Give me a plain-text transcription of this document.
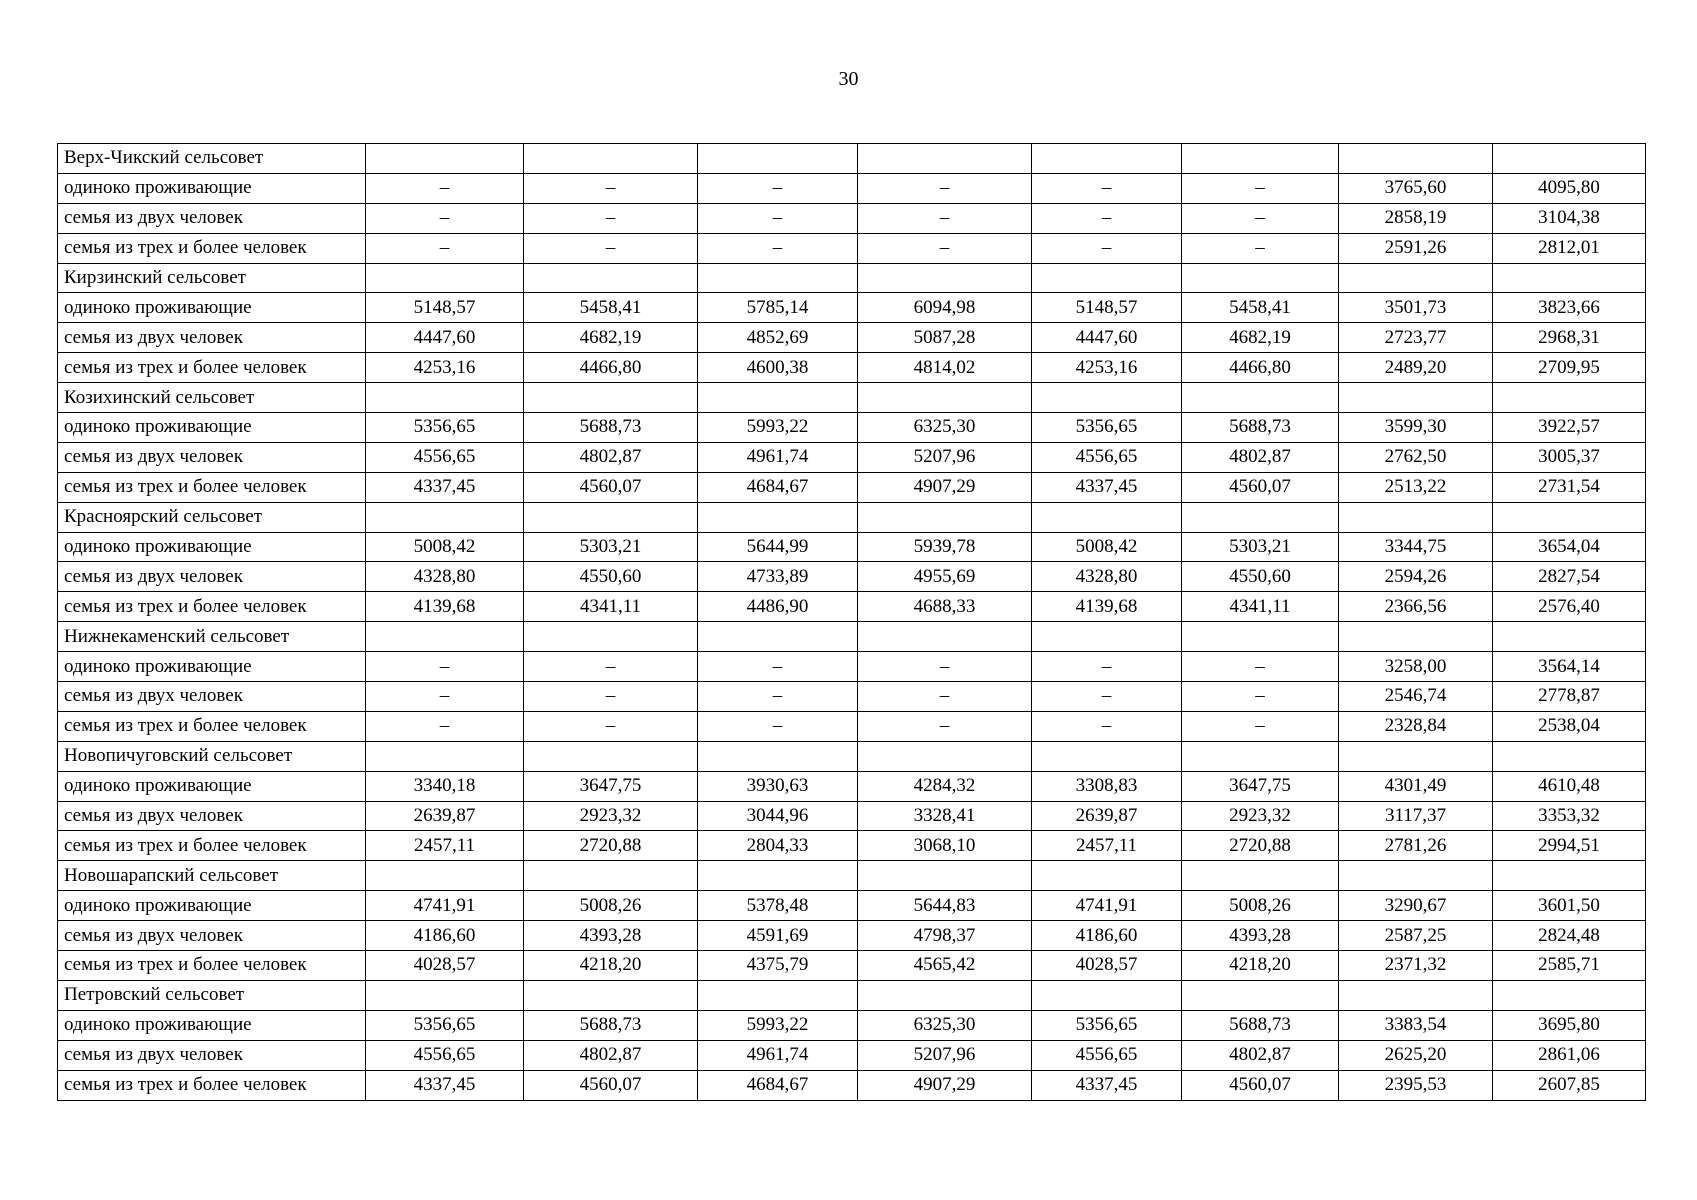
30
Верх-Чикский сельсовет								
одиноко проживающие	–	–	–	–	–	–	3765,60	4095,80
семья из двух человек	–	–	–	–	–	–	2858,19	3104,38
семья из трех и более человек	–	–	–	–	–	–	2591,26	2812,01
Кирзинский сельсовет								
одиноко проживающие	5148,57	5458,41	5785,14	6094,98	5148,57	5458,41	3501,73	3823,66
семья из двух человек	4447,60	4682,19	4852,69	5087,28	4447,60	4682,19	2723,77	2968,31
семья из трех и более человек	4253,16	4466,80	4600,38	4814,02	4253,16	4466,80	2489,20	2709,95
Козихинский сельсовет								
одиноко проживающие	5356,65	5688,73	5993,22	6325,30	5356,65	5688,73	3599,30	3922,57
семья из двух человек	4556,65	4802,87	4961,74	5207,96	4556,65	4802,87	2762,50	3005,37
семья из трех и более человек	4337,45	4560,07	4684,67	4907,29	4337,45	4560,07	2513,22	2731,54
Красноярский сельсовет								
одиноко проживающие	5008,42	5303,21	5644,99	5939,78	5008,42	5303,21	3344,75	3654,04
семья из двух человек	4328,80	4550,60	4733,89	4955,69	4328,80	4550,60	2594,26	2827,54
семья из трех и более человек	4139,68	4341,11	4486,90	4688,33	4139,68	4341,11	2366,56	2576,40
Нижнекаменский сельсовет								
одиноко проживающие	–	–	–	–	–	–	3258,00	3564,14
семья из двух человек	–	–	–	–	–	–	2546,74	2778,87
семья из трех и более человек	–	–	–	–	–	–	2328,84	2538,04
Новопичуговский сельсовет								
одиноко проживающие	3340,18	3647,75	3930,63	4284,32	3308,83	3647,75	4301,49	4610,48
семья из двух человек	2639,87	2923,32	3044,96	3328,41	2639,87	2923,32	3117,37	3353,32
семья из трех и более человек	2457,11	2720,88	2804,33	3068,10	2457,11	2720,88	2781,26	2994,51
Новошарапский сельсовет								
одиноко проживающие	4741,91	5008,26	5378,48	5644,83	4741,91	5008,26	3290,67	3601,50
семья из двух человек	4186,60	4393,28	4591,69	4798,37	4186,60	4393,28	2587,25	2824,48
семья из трех и более человек	4028,57	4218,20	4375,79	4565,42	4028,57	4218,20	2371,32	2585,71
Петровский сельсовет								
одиноко проживающие	5356,65	5688,73	5993,22	6325,30	5356,65	5688,73	3383,54	3695,80
семья из двух человек	4556,65	4802,87	4961,74	5207,96	4556,65	4802,87	2625,20	2861,06
семья из трех и более человек	4337,45	4560,07	4684,67	4907,29	4337,45	4560,07	2395,53	2607,85
